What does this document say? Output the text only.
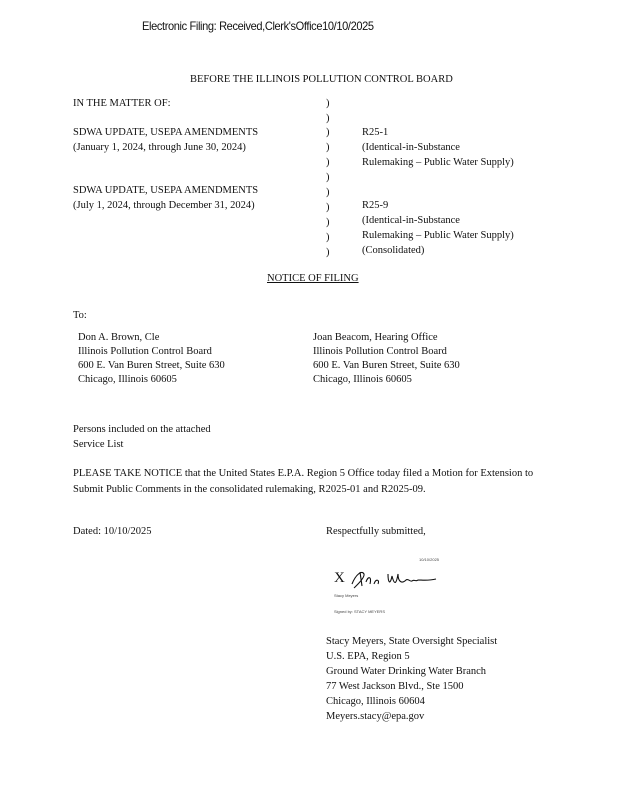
Electronic Filing: Received,Clerk'sOffice10/10/2025
BEFORE THE ILLINOIS POLLUTION CONTROL BOARD
IN THE MATTER OF:
SDWA UPDATE, USEPA AMENDMENTS
(January 1, 2024, through June 30, 2024)
SDWA UPDATE, USEPA AMENDMENTS
(July 1, 2024, through December 31, 2024)
)
)
)
)
)
)
)
)
)
)
)
R25-1
(Identical-in-Substance
Rulemaking – Public Water Supply)
R25-9
(Identical-in-Substance
Rulemaking – Public Water Supply)
(Consolidated)
NOTICE OF FILING
To:
Don A. Brown, Cle
Illinois Pollution Control Board
600 E. Van Buren Street, Suite 630
Chicago, Illinois 60605
Joan Beacom, Hearing Office
Illinois Pollution Control Board
600 E. Van Buren Street, Suite 630
Chicago, Illinois 60605
Persons included on the attached
Service List
PLEASE TAKE NOTICE that the United States E.P.A. Region 5 Office today filed a Motion for Extension to
Submit Public Comments in the consolidated rulemaking, R2025-01 and R2025-09.
Dated: 10/10/2025	Respectfully submitted,
10/10/2025
X
Stacy Meyers
Signed by: STACY MEYERS
Stacy Meyers, State Oversight Specialist
U.S. EPA, Region 5
Ground Water Drinking Water Branch
77 West Jackson Blvd., Ste 1500
Chicago, Illinois 60604
Meyers.stacy@epa.gov
